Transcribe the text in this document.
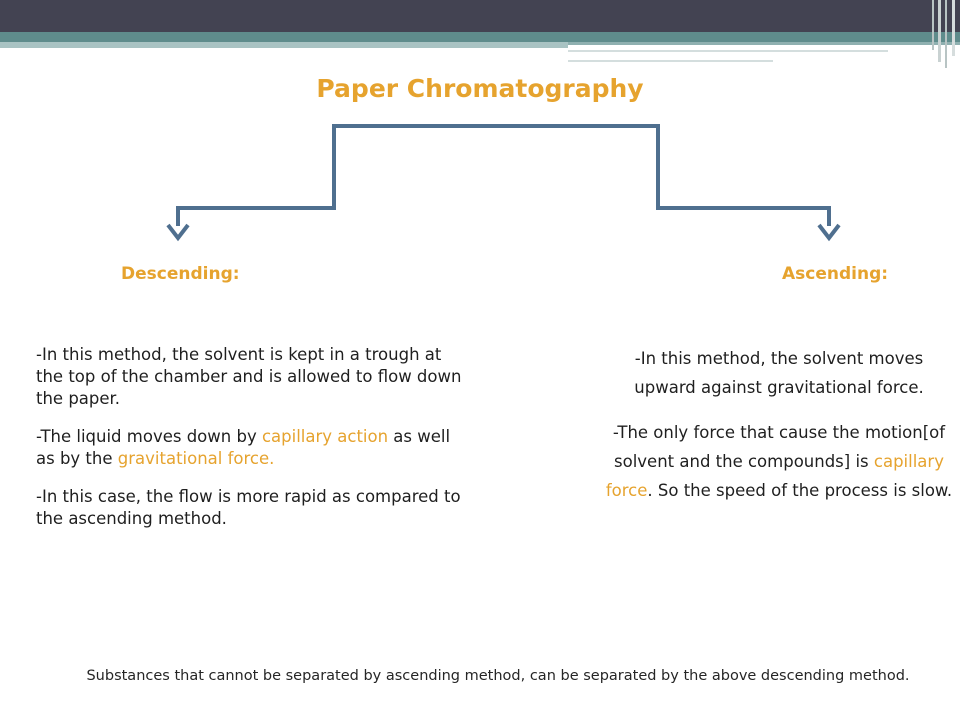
Paper Chromatography
Descending:	Ascending:

-In this method, the solvent is kept in a trough at the top of the chamber and is allowed to flow down the paper.

-The liquid moves down by capillary action as well as by the gravitational force.

-In this case, the flow is more rapid as compared to the ascending method.

-In this method, the solvent moves upward against gravitational force.

-The only force that cause the motion[of solvent and the compounds] is capillary force. So the speed of the process is slow.

Substances that cannot be separated by ascending method, can be separated by the above descending method.
